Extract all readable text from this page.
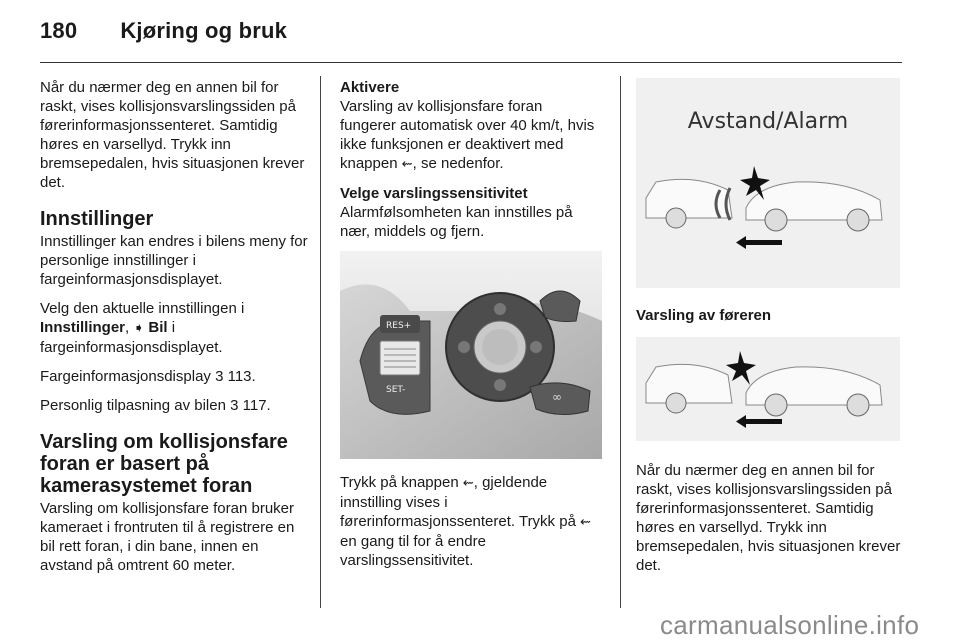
180 Kjøring og bruk

Når du nærmer deg en annen bil for raskt, vises kollisjonsvarslingssiden på førerinformasjonssenteret. Samtidig høres en varsellyd. Trykk inn bremsepedalen, hvis situasjonen krever det.

Innstillinger

Innstillinger kan endres i bilens meny for personlige innstillinger i fargeinformasjonsdisplayet.

Velg den aktuelle innstillingen i Innstillinger, ➧ Bil i fargeinformasjonsdisplayet.

Fargeinformasjonsdisplay 3 113.

Personlig tilpasning av bilen 3 117.

Varsling om kollisjonsfare foran er basert på kamerasystemet foran

Varsling om kollisjonsfare foran bruker kameraet i frontruten til å registrere en bil rett foran, i din bane, innen en avstand på omtrent 60 meter.

Aktivere

Varsling av kollisjonsfare foran fungerer automatisk over 40 km/t, hvis ikke funksjonen er deaktivert med knappen ⇜, se nedenfor.

Velge varslingssensitivitet

Alarmfølsomheten kan innstilles på nær, middels og fjern.

RES+
SET-	∞

Trykk på knappen ⇜, gjeldende innstilling vises i førerinformasjonssenteret. Trykk på ⇜ en gang til for å endre varslingssensitivitet.

Avstand/Alarm

Varsling av føreren

Når du nærmer deg en annen bil for raskt, vises kollisjonsvarslingssiden på førerinformasjonssenteret. Samtidig høres en varsellyd. Trykk inn bremsepedalen, hvis situasjonen krever det.

carmanualsonline.info
